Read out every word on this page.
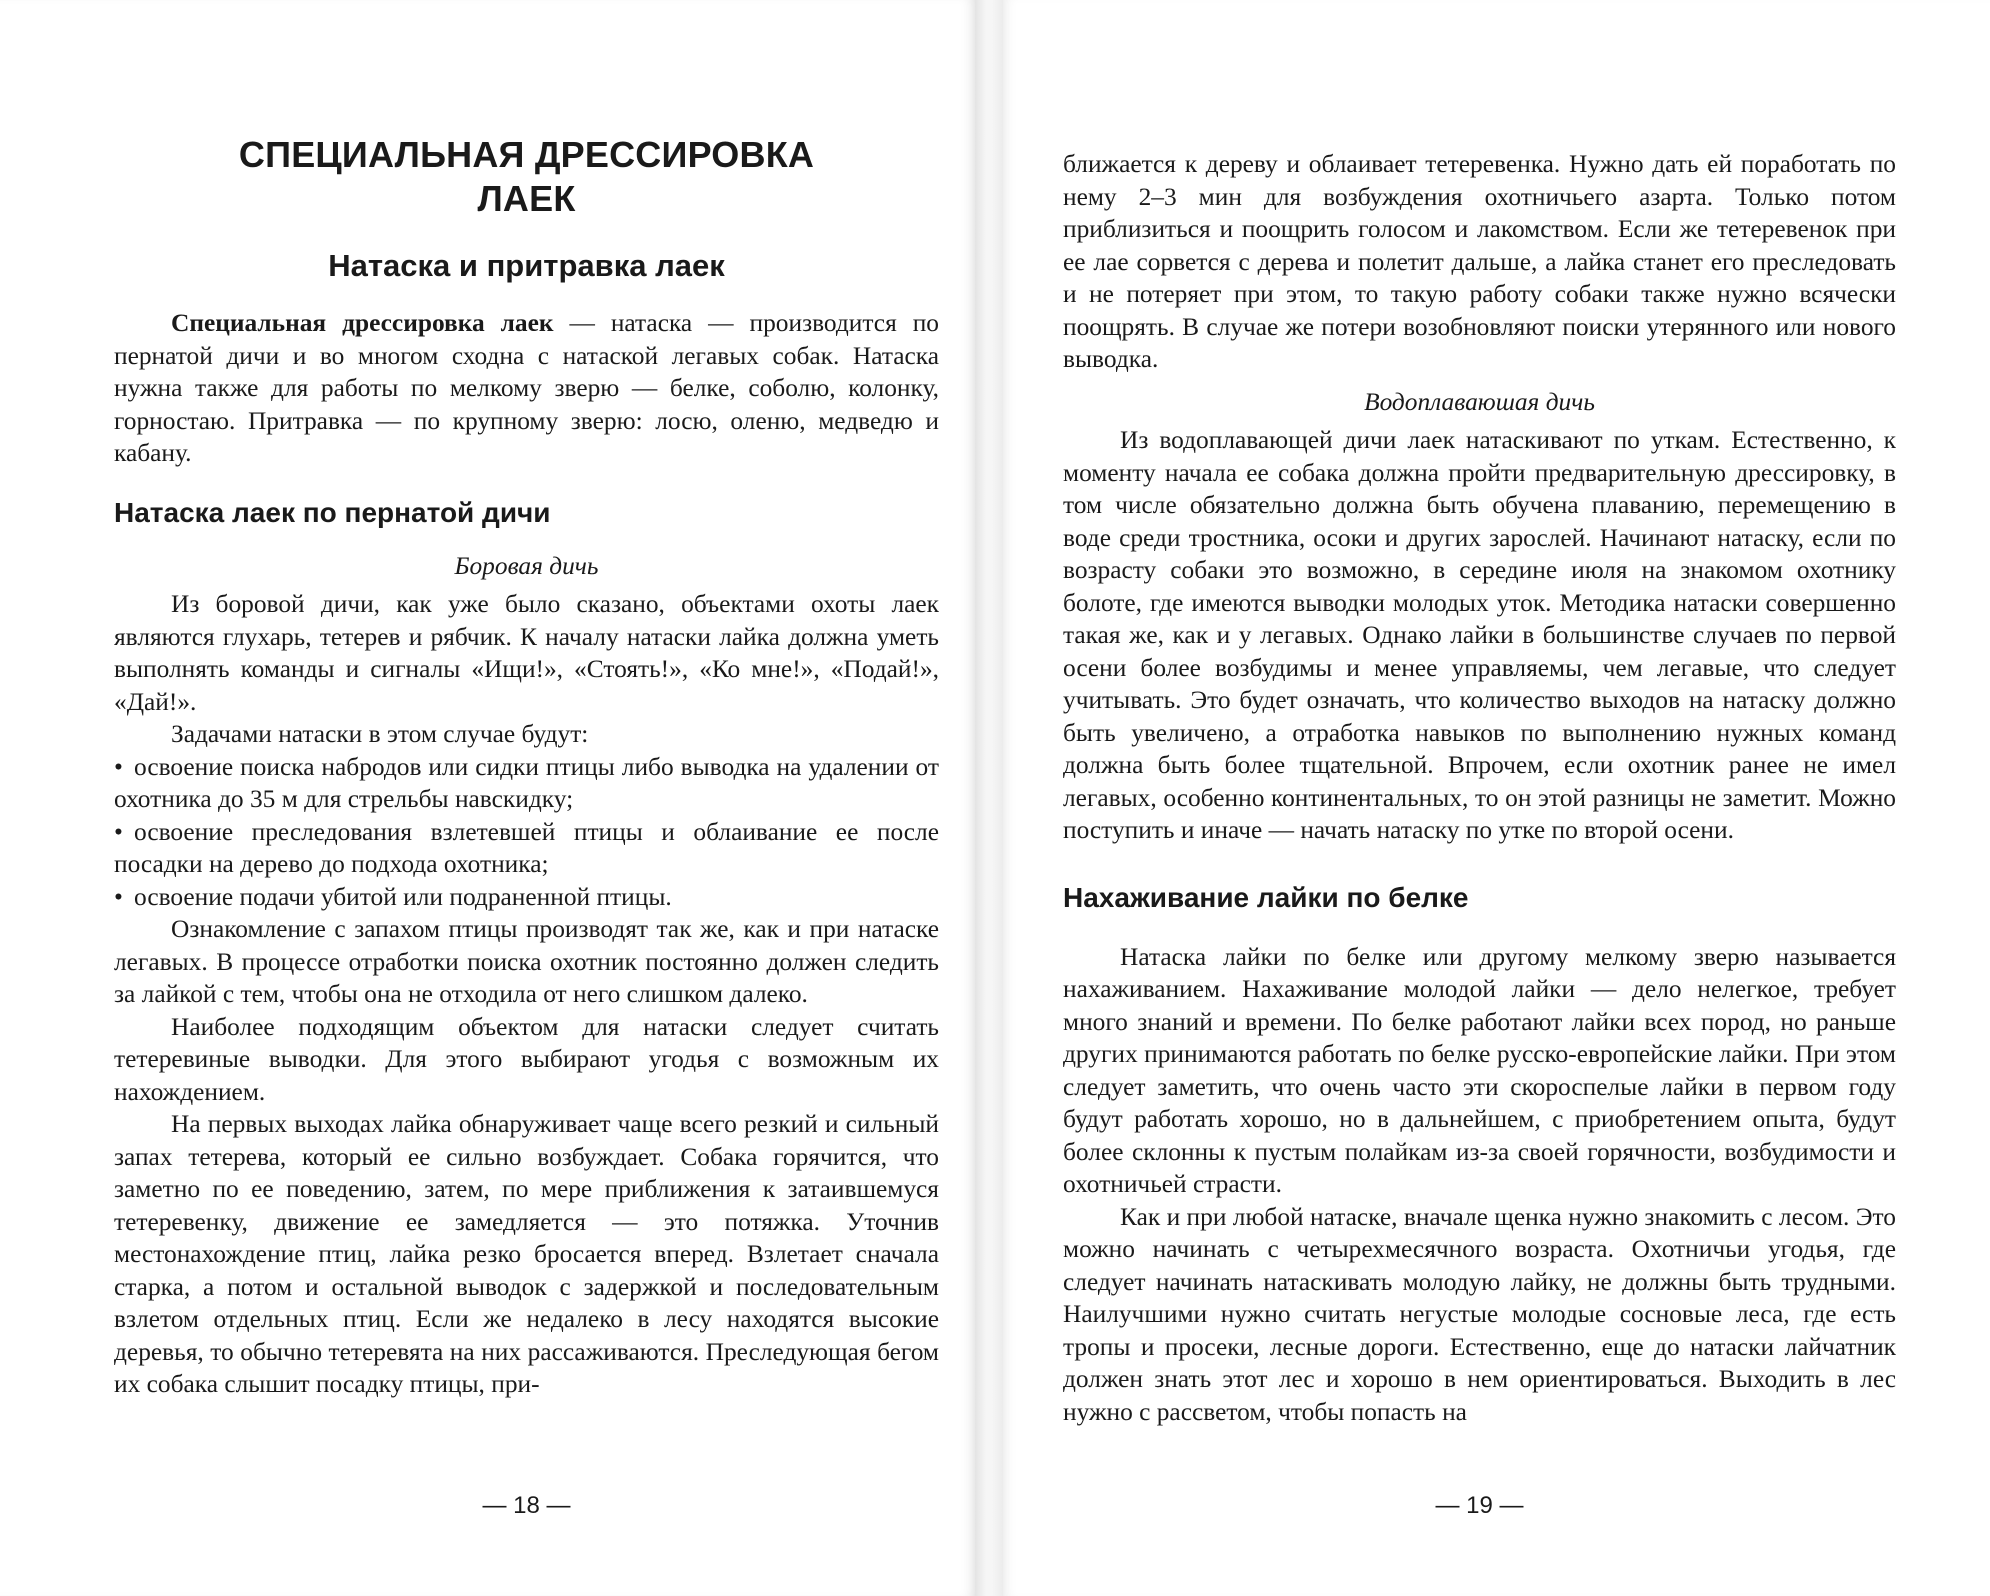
СПЕЦИАЛЬНАЯ ДРЕССИРОВКА
ЛАЕК
Натаска и притравка лаек

Специальная дрессировка лаек — натаска — производится по пернатой дичи и во многом сходна с натаской легавых собак. Натаска нужна также для работы по мелкому зверю — белке, соболю, колонку, горностаю. Притравка — по крупному зверю: лосю, оленю, медведю и кабану.

Натаска лаек по пернатой дичи
Боровая дичь

Из боровой дичи, как уже было сказано, объектами охоты лаек являются глухарь, тетерев и рябчик. К началу натаски лайка должна уметь выполнять команды и сигналы «Ищи!», «Стоять!», «Ко мне!», «Подай!», «Дай!».

Задачами натаски в этом случае будут:

• освоение поиска набродов или сидки птицы либо выводка на удалении от охотника до 35 м для стрельбы навскидку;

• освоение преследования взлетевшей птицы и облаивание ее после посадки на дерево до подхода охотника;

• освоение подачи убитой или подраненной птицы.

Ознакомление с запахом птицы производят так же, как и при натаске легавых. В процессе отработки поиска охотник постоянно должен следить за лайкой с тем, чтобы она не отходила от него слишком далеко.

Наиболее подходящим объектом для натаски следует считать тетеревиные выводки. Для этого выбирают угодья с возможным их нахождением.

На первых выходах лайка обнаруживает чаще всего резкий и сильный запах тетерева, который ее сильно возбуждает. Собака горячится, что заметно по ее поведению, затем, по мере приближения к затаившемуся тетеревенку, движение ее замедляется — это потяжка. Уточнив местонахождение птиц, лайка резко бросается вперед. Взлетает сначала старка, а потом и остальной выводок с задержкой и последовательным взлетом отдельных птиц. Если же недалеко в лесу находятся высокие деревья, то обычно тетеревята на них рассаживаются. Преследующая бегом их собака слышит посадку птицы, при-

— 18 —

ближается к дереву и облаивает тетеревенка. Нужно дать ей поработать по нему 2–3 мин для возбуждения охотничьего азарта. Только потом приблизиться и поощрить голосом и лакомством. Если же тетеревенок при ее лае сорвется с дерева и полетит дальше, а лайка станет его преследовать и не потеряет при этом, то такую работу собаки также нужно всячески поощрять. В случае же потери возобновляют поиски утерянного или нового выводка.

Водоплаваюшая дичь

Из водоплавающей дичи лаек натаскивают по уткам. Естественно, к моменту начала ее собака должна пройти предварительную дрессировку, в том числе обязательно должна быть обучена плаванию, перемещению в воде среди тростника, осоки и других зарослей. Начинают натаску, если по возрасту собаки это возможно, в середине июля на знакомом охотнику болоте, где имеются выводки молодых уток. Методика натаски совершенно такая же, как и у легавых. Однако лайки в большинстве случаев по первой осени более возбудимы и менее управляемы, чем легавые, что следует учитывать. Это будет означать, что количество выходов на натаску должно быть увеличено, а отработка навыков по выполнению нужных команд должна быть более тщательной. Впрочем, если охотник ранее не имел легавых, особенно континентальных, то он этой разницы не заметит. Можно поступить и иначе — начать натаску по утке по второй осени.

Нахаживание лайки по белке

Натаска лайки по белке или другому мелкому зверю называется нахаживанием. Нахаживание молодой лайки — дело нелегкое, требует много знаний и времени. По белке работают лайки всех пород, но раньше других принимаются работать по белке русско-европейские лайки. При этом следует заметить, что очень часто эти скороспелые лайки в первом году будут работать хорошо, но в дальнейшем, с приобретением опыта, будут более склонны к пустым полайкам из-за своей горячности, возбудимости и охотничьей страсти.

Как и при любой натаске, вначале щенка нужно знакомить с лесом. Это можно начинать с четырехмесячного возраста. Охотничьи угодья, где следует начинать натаскивать молодую лайку, не должны быть трудными. Наилучшими нужно считать негустые молодые сосновые леса, где есть тропы и просеки, лесные дороги. Естественно, еще до натаски лайчатник должен знать этот лес и хорошо в нем ориентироваться. Выходить в лес нужно с рассветом, чтобы попасть на

— 19 —
